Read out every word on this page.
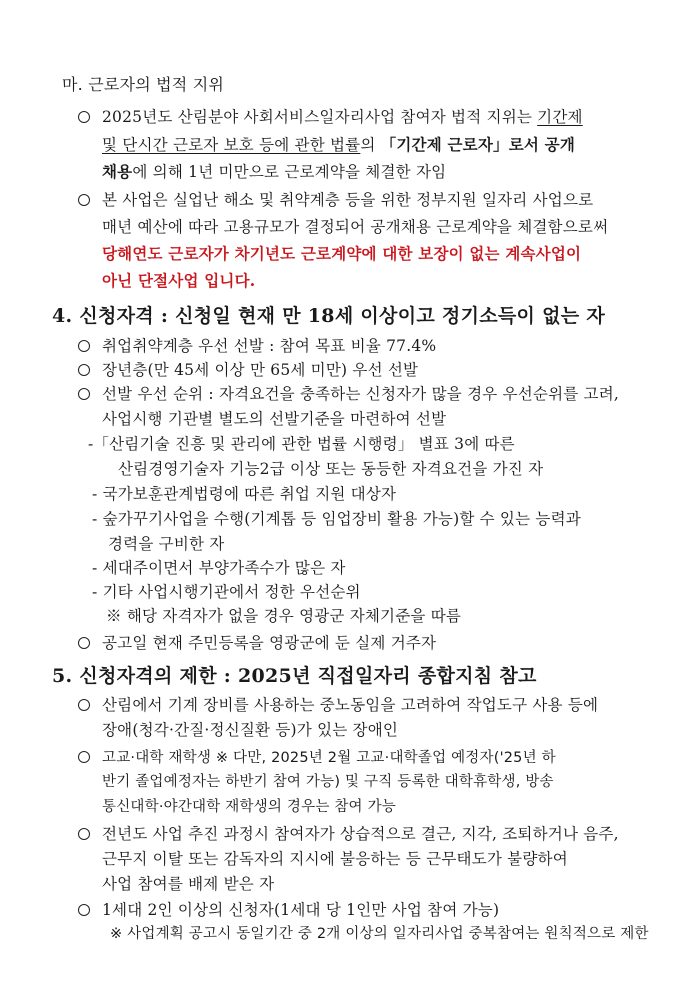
마. 근로자의 법적 지위
2025년도 산림분야 사회서비스일자리사업 참여자 법적 지위는 기간제
및 단시간 근로자 보호 등에 관한 법률의 「기간제 근로자」로서 공개
채용에 의해 1년 미만으로 근로계약을 체결한 자임
본 사업은 실업난 해소 및 취약계층 등을 위한 정부지원 일자리 사업으로
매년 예산에 따라 고용규모가 결정되어 공개채용 근로계약을 체결함으로써
당해연도 근로자가 차기년도 근로계약에 대한 보장이 없는 계속사업이
아닌 단절사업 입니다.
4. 신청자격 : 신청일 현재 만 18세 이상이고 정기소득이 없는 자
취업취약계층 우선 선발 : 참여 목표 비율 77.4%
장년층(만 45세 이상 만 65세 미만) 우선 선발
선발 우선 순위 : 자격요건을 충족하는 신청자가 많을 경우 우선순위를 고려,
사업시행 기관별 별도의 선발기준을 마련하여 선발
-「산림기술 진흥 및 관리에 관한 법률 시행령」 별표 3에 따른
산림경영기술자 기능2급 이상 또는 동등한 자격요건을 가진 자
- 국가보훈관계법령에 따른 취업 지원 대상자
- 숲가꾸기사업을 수행(기계톱 등 임업장비 활용 가능)할 수 있는 능력과
경력을 구비한 자
- 세대주이면서 부양가족수가 많은 자
- 기타 사업시행기관에서 정한 우선순위
※ 해당 자격자가 없을 경우 영광군 자체기준을 따름
공고일 현재 주민등록을 영광군에 둔 실제 거주자
5. 신청자격의 제한 : 2025년 직접일자리 종합지침 참고
산림에서 기계 장비를 사용하는 중노동임을 고려하여 작업도구 사용 등에
장애(청각·간질·정신질환 등)가 있는 장애인
고교·대학 재학생 ※ 다만, 2025년 2월 고교·대학졸업 예정자('25년 하
반기 졸업예정자는 하반기 참여 가능) 및 구직 등록한 대학휴학생, 방송
통신대학·야간대학 재학생의 경우는 참여 가능
전년도 사업 추진 과정시 참여자가 상습적으로 결근, 지각, 조퇴하거나 음주,
근무지 이탈 또는 감독자의 지시에 불응하는 등 근무태도가 불량하여
사업 참여를 배제 받은 자
1세대 2인 이상의 신청자(1세대 당 1인만 사업 참여 가능)
※ 사업계획 공고시 동일기간 중 2개 이상의 일자리사업 중복참여는 원칙적으로 제한
